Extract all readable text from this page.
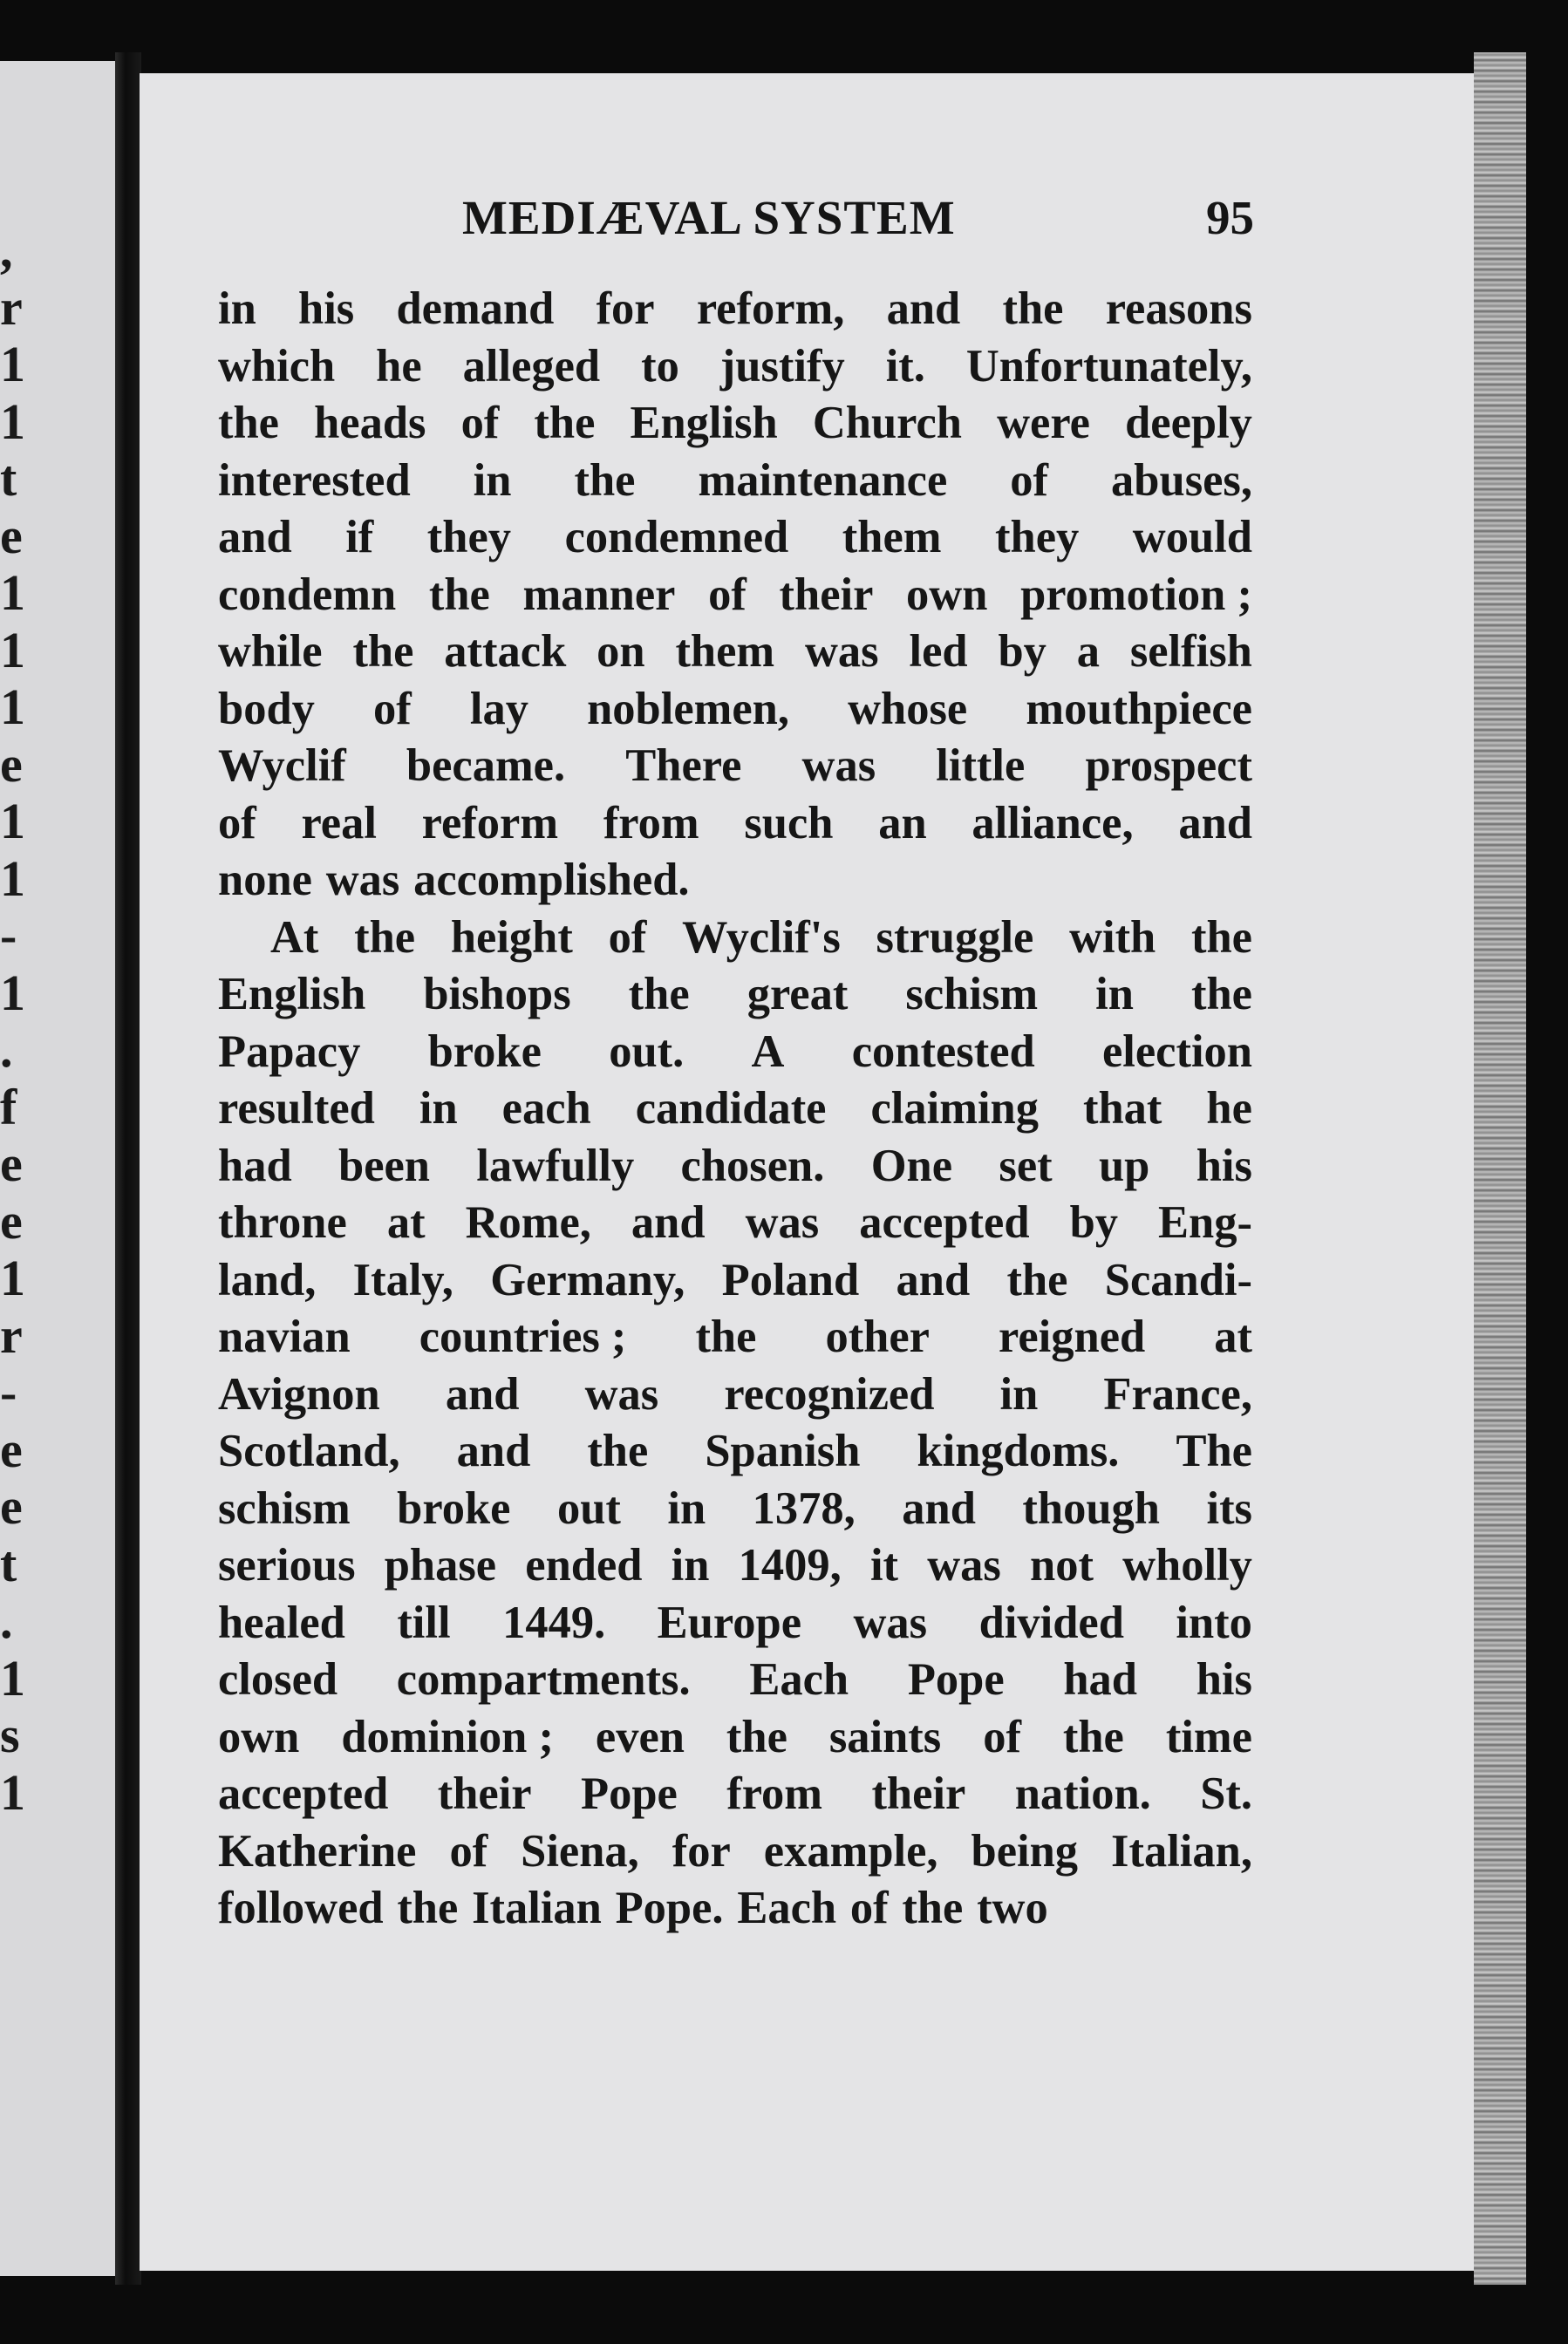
,
r
1
1
t
e
1
1
1
e
1
1
-
1
.
f
e
e
1
r
-
e
e
t
.
1
s
1
MEDIÆVAL SYSTEM	95
in his demand for reform, and the reasons
which he alleged to justify it. Unfortunately,
the heads of the English Church were deeply
interested in the maintenance of abuses,
and if they condemned them they would
condemn the manner of their own promotion ;
while the attack on them was led by a selfish
body of lay noblemen, whose mouthpiece
Wyclif became. There was little prospect
of real reform from such an alliance, and
none was accomplished.
At the height of Wyclif's struggle with the
English bishops the great schism in the
Papacy broke out. A contested election
resulted in each candidate claiming that he
had been lawfully chosen. One set up his
throne at Rome, and was accepted by Eng-
land, Italy, Germany, Poland and the Scandi-
navian countries ; the other reigned at
Avignon and was recognized in France,
Scotland, and the Spanish kingdoms. The
schism broke out in 1378, and though its
serious phase ended in 1409, it was not wholly
healed till 1449. Europe was divided into
closed compartments. Each Pope had his
own dominion ; even the saints of the time
accepted their Pope from their nation. St.
Katherine of Siena, for example, being Italian,
followed the Italian Pope. Each of the two
